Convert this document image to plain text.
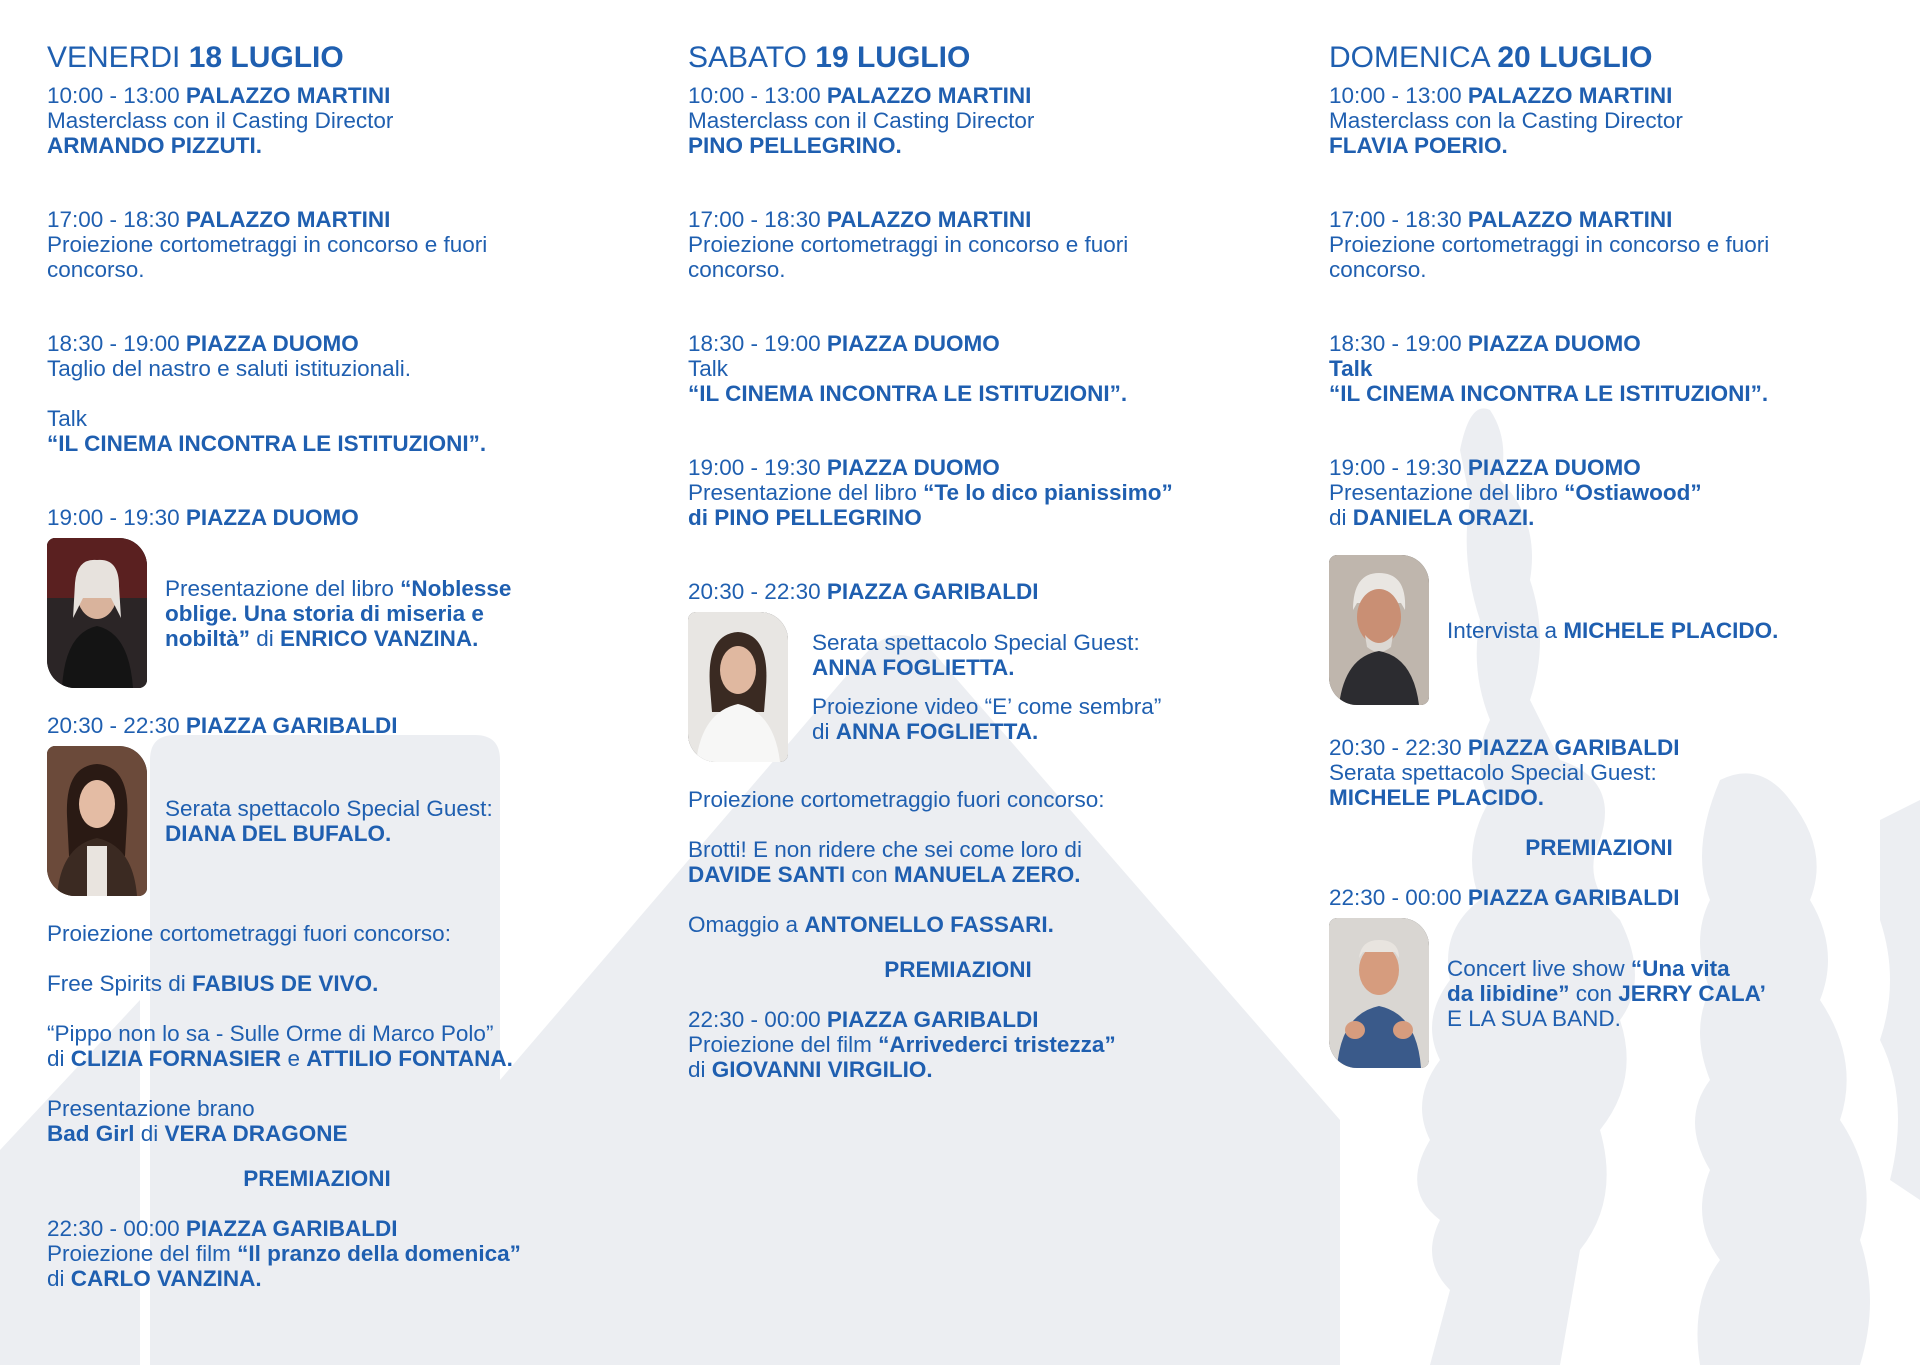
VENERDI 18 LUGLIO
10:00 - 13:00 PALAZZO MARTINI
Masterclass con il Casting Director
ARMANDO PIZZUTI.
17:00 - 18:30 PALAZZO MARTINI
Proiezione cortometraggi in concorso e fuori
concorso.
18:30 - 19:00 PIAZZA DUOMO
Taglio del nastro e saluti istituzionali.
Talk
“IL CINEMA INCONTRA LE ISTITUZIONI”.
19:00 - 19:30 PIAZZA DUOMO
Presentazione del libro “Noblesse
oblige. Una storia di miseria e
nobiltà” di ENRICO VANZINA.
20:30 - 22:30 PIAZZA GARIBALDI
Serata spettacolo Special Guest:
DIANA DEL BUFALO.
Proiezione cortometraggi fuori concorso:
Free Spirits di FABIUS DE VIVO.
“Pippo non lo sa - Sulle Orme di Marco Polo”
di CLIZIA FORNASIER e ATTILIO FONTANA.
Presentazione brano
Bad Girl di VERA DRAGONE
PREMIAZIONI
22:30 - 00:00 PIAZZA GARIBALDI
Proiezione del film “Il pranzo della domenica”
di CARLO VANZINA.
SABATO 19 LUGLIO
10:00 - 13:00 PALAZZO MARTINI
Masterclass con il Casting Director
PINO PELLEGRINO.
17:00 - 18:30 PALAZZO MARTINI
Proiezione cortometraggi in concorso e fuori
concorso.
18:30 - 19:00 PIAZZA DUOMO
Talk
“IL CINEMA INCONTRA LE ISTITUZIONI”.
19:00 - 19:30 PIAZZA DUOMO
Presentazione del libro “Te lo dico pianissimo”
di PINO PELLEGRINO
20:30 - 22:30 PIAZZA GARIBALDI
Serata spettacolo Special Guest:
ANNA FOGLIETTA.
Proiezione video “E’ come sembra”
di ANNA FOGLIETTA.
Proiezione cortometraggio fuori concorso:
Brotti! E non ridere che sei come loro di
DAVIDE SANTI con MANUELA ZERO.
Omaggio a ANTONELLO FASSARI.
PREMIAZIONI
22:30 - 00:00 PIAZZA GARIBALDI
Proiezione del film “Arrivederci tristezza”
di GIOVANNI VIRGILIO.
DOMENICA 20 LUGLIO
10:00 - 13:00 PALAZZO MARTINI
Masterclass con la Casting Director
FLAVIA POERIO.
17:00 - 18:30 PALAZZO MARTINI
Proiezione cortometraggi in concorso e fuori
concorso.
18:30 - 19:00 PIAZZA DUOMO
Talk
“IL CINEMA INCONTRA LE ISTITUZIONI”.
19:00 - 19:30 PIAZZA DUOMO
Presentazione del libro “Ostiawood”
di DANIELA ORAZI.
Intervista a MICHELE PLACIDO.
20:30 - 22:30 PIAZZA GARIBALDI
Serata spettacolo Special Guest:
MICHELE PLACIDO.
PREMIAZIONI
22:30 - 00:00 PIAZZA GARIBALDI
Concert live show “Una vita
da libidine” con JERRY CALA’
E LA SUA BAND.
